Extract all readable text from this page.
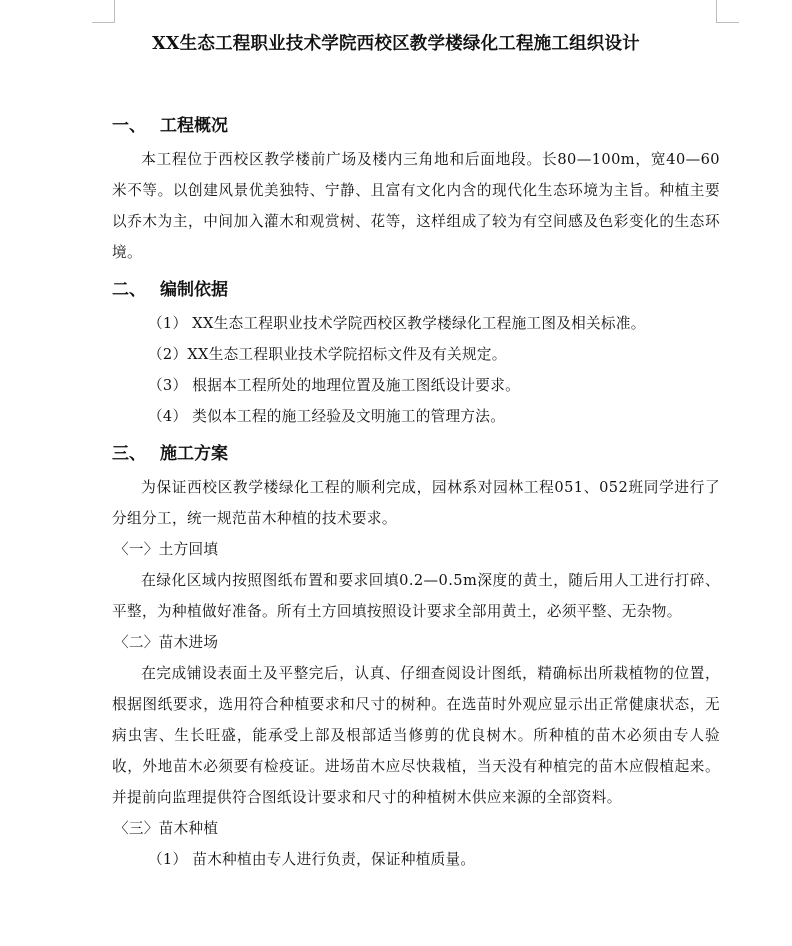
XX生态工程职业技术学院西校区教学楼绿化工程施工组织设计
一、 工程概况
本工程位于西校区教学楼前广场及楼内三角地和后面地段。长80—100m，宽40—60米不等。以创建风景优美独特、宁静、且富有文化内含的现代化生态环境为主旨。种植主要以乔木为主，中间加入灌木和观赏树、花等，这样组成了较为有空间感及色彩变化的生态环境。
二、 编制依据
（1） XX生态工程职业技术学院西校区教学楼绿化工程施工图及相关标准。
（2）XX生态工程职业技术学院招标文件及有关规定。
（3） 根据本工程所处的地理位置及施工图纸设计要求。
（4） 类似本工程的施工经验及文明施工的管理方法。
三、 施工方案
为保证西校区教学楼绿化工程的顺利完成，园林系对园林工程051、052班同学进行了分组分工，统一规范苗木种植的技术要求。
〈一〉土方回填
在绿化区域内按照图纸布置和要求回填0.2—0.5m深度的黄土，随后用人工进行打碎、平整，为种植做好准备。所有土方回填按照设计要求全部用黄土，必须平整、无杂物。
〈二〉苗木进场
在完成铺设表面土及平整完后，认真、仔细查阅设计图纸，精确标出所栽植物的位置，根据图纸要求，选用符合种植要求和尺寸的树种。在选苗时外观应显示出正常健康状态，无病虫害、生长旺盛，能承受上部及根部适当修剪的优良树木。所种植的苗木必须由专人验收，外地苗木必须要有检疫证。进场苗木应尽快栽植，当天没有种植完的苗木应假植起来。并提前向监理提供符合图纸设计要求和尺寸的种植树木供应来源的全部资料。
〈三〉苗木种植
（1） 苗木种植由专人进行负责，保证种植质量。
